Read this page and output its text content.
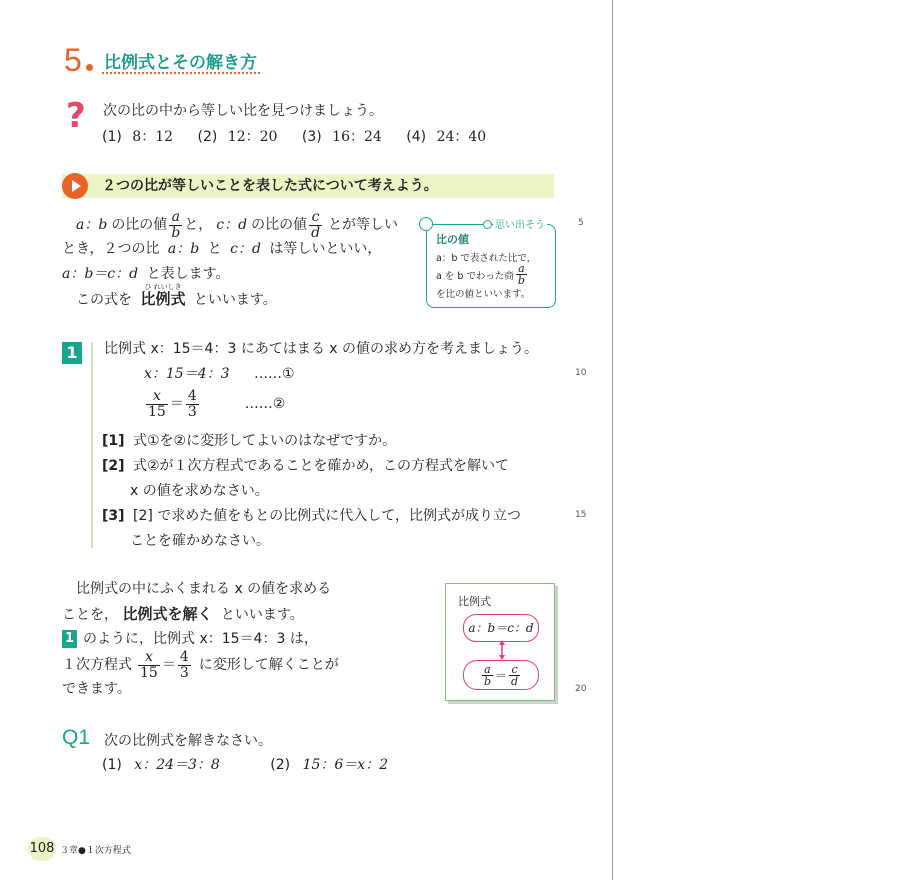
5 比例式とその解き方
? 次の比の中から等しい比を見つけましょう。
(1) 8：12 (2) 12：20 (3) 16：24 (4) 24：40
２つの比が等しいことを表した式について考えよう。
a：b の比の値 $\frac{a}{b}$ と， c：d の比の値 $\frac{c}{d}$ とが等しい
とき，２つの比 a：b と c：d は等しいといい，
a：b＝c：d と表します。
この式を
ひ れいしき
比例式 といいます。
思い出そう
比の値
a：b で表された比で，
a を b でわった商 $\frac{a}{b}$
を比の値といいます。
1	比例式 x：15＝4：3 にあてはまる x の値の求め方を考えましょう。
x：15＝4：3 ……①
$\frac{x}{15} = \frac{4}{3}$	……②
[1] 式①を②に変形してよいのはなぜですか。
[2] 式②が１次方程式であることを確かめ，この方程式を解いて
x の値を求めなさい。
[3] [2] で求めた値をもとの比例式に代入して，比例式が成り立つ
ことを確かめなさい。
比例式の中にふくまれる x の値を求める
ことを， 比例式を解く といいます。
1 のように，比例式 x：15＝4：3 は，
１次方程式 $\frac{x}{15} = \frac{4}{3}$ に変形して解くことが
できます。
比例式
a：b＝c：d
$\frac{a}{b} = \frac{c}{d}$
Q1 次の比例式を解きなさい。
(1) x：24＝3：8	(2) 15：6＝x：2
5
10
15
20
108 ３章●１次方程式
